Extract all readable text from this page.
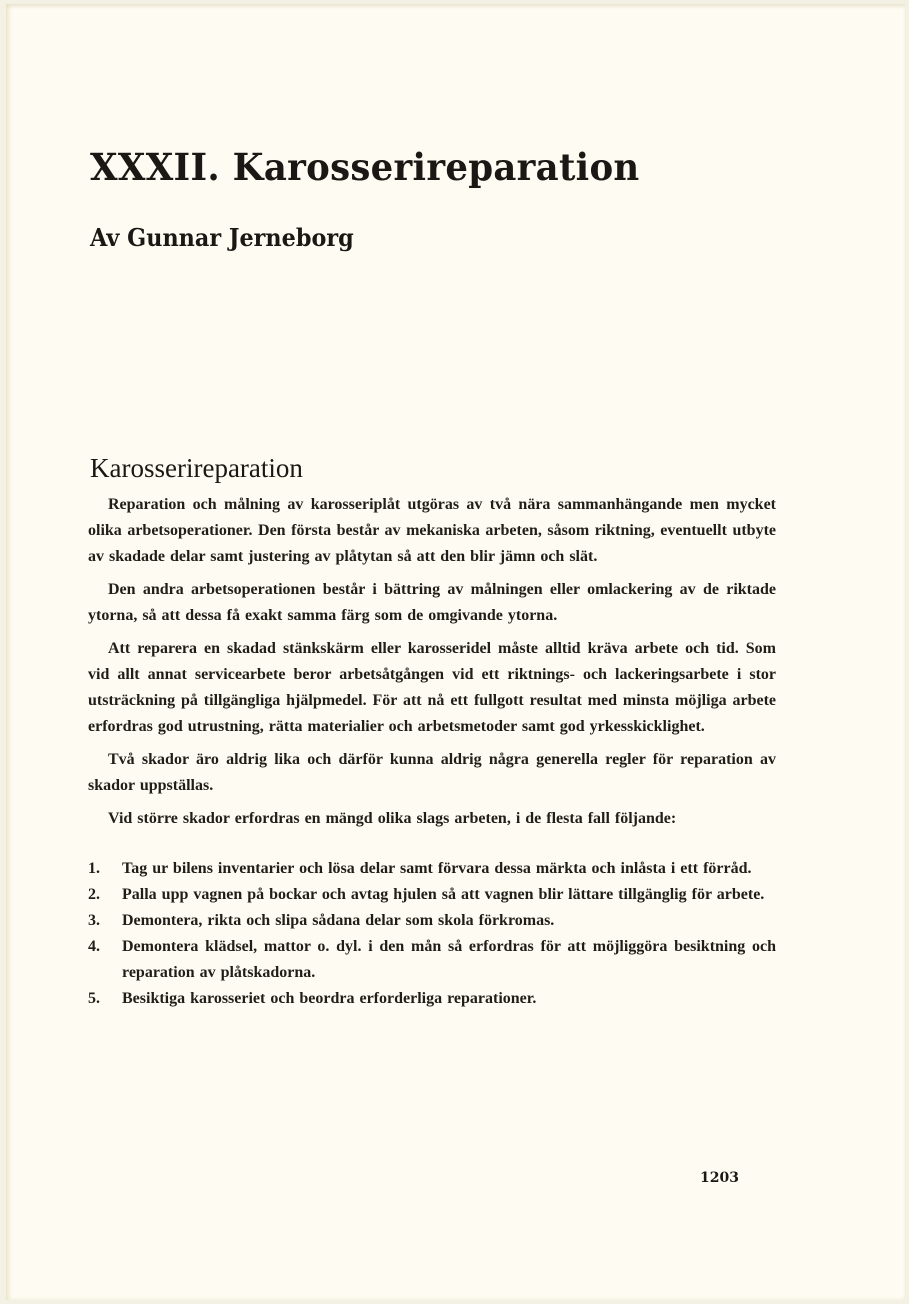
XXXII. Karosserireparation
Av Gunnar Jerneborg
Karosserireparation

Reparation och målning av karosseriplåt utgöras av två nära sammanhängande men mycket olika arbetsoperationer. Den första består av mekaniska arbeten, såsom riktning, eventuellt utbyte av skadade delar samt justering av plåtytan så att den blir jämn och slät.

Den andra arbetsoperationen består i bättring av målningen eller omlackering av de riktade ytorna, så att dessa få exakt samma färg som de omgivande ytorna.

Att reparera en skadad stänkskärm eller karosseridel måste alltid kräva arbete och tid. Som vid allt annat servicearbete beror arbetsåtgången vid ett riktnings- och lackeringsarbete i stor utsträckning på tillgängliga hjälpmedel. För att nå ett fullgott resultat med minsta möjliga arbete erfordras god utrustning, rätta materialier och arbetsmetoder samt god yrkesskicklighet.

Två skador äro aldrig lika och därför kunna aldrig några generella regler för reparation av skador uppställas.

Vid större skador erfordras en mängd olika slags arbeten, i de flesta fall följande:

1.	Tag ur bilens inventarier och lösa delar samt förvara dessa märkta och inlåsta i ett förråd.
2.	Palla upp vagnen på bockar och avtag hjulen så att vagnen blir lättare tillgänglig för arbete.
3.	Demontera, rikta och slipa sådana delar som skola förkromas.
4.	Demontera klädsel, mattor o. dyl. i den mån så erfordras för att möjliggöra besiktning och reparation av plåtskadorna.
5.	Besiktiga karosseriet och beordra erforderliga reparationer.

1203
